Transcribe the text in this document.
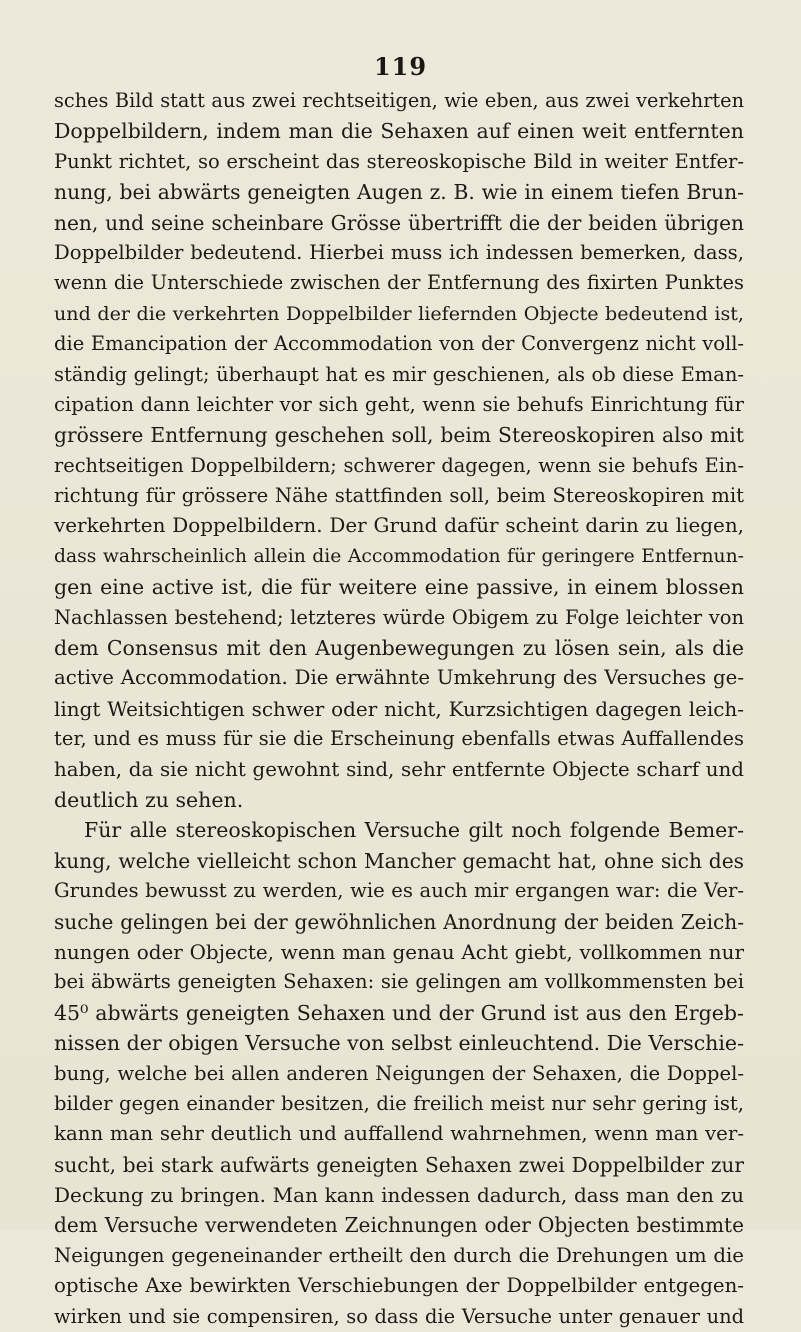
119
sches Bild statt aus zwei rechtseitigen, wie eben, aus zwei verkehrten
Doppelbildern, indem man die Sehaxen auf einen weit entfernten
Punkt richtet, so erscheint das stereoskopische Bild in weiter Entfer-
nung, bei abwärts geneigten Augen z. B. wie in einem tiefen Brun-
nen, und seine scheinbare Grösse übertrifft die der beiden übrigen
Doppelbilder bedeutend. Hierbei muss ich indessen bemerken, dass,
wenn die Unterschiede zwischen der Entfernung des fixirten Punktes
und der die verkehrten Doppelbilder liefernden Objecte bedeutend ist,
die Emancipation der Accommodation von der Convergenz nicht voll-
ständig gelingt; überhaupt hat es mir geschienen, als ob diese Eman-
cipation dann leichter vor sich geht, wenn sie behufs Einrichtung für
grössere Entfernung geschehen soll, beim Stereoskopiren also mit
rechtseitigen Doppelbildern; schwerer dagegen, wenn sie behufs Ein-
richtung für grössere Nähe stattfinden soll, beim Stereoskopiren mit
verkehrten Doppelbildern. Der Grund dafür scheint darin zu liegen,
dass wahrscheinlich allein die Accommodation für geringere Entfernun-
gen eine active ist, die für weitere eine passive, in einem blossen
Nachlassen bestehend; letzteres würde Obigem zu Folge leichter von
dem Consensus mit den Augenbewegungen zu lösen sein, als die
active Accommodation. Die erwähnte Umkehrung des Versuches ge-
lingt Weitsichtigen schwer oder nicht, Kurzsichtigen dagegen leich-
ter, und es muss für sie die Erscheinung ebenfalls etwas Auffallendes
haben, da sie nicht gewohnt sind, sehr entfernte Objecte scharf und
deutlich zu sehen.
Für alle stereoskopischen Versuche gilt noch folgende Bemer-
kung, welche vielleicht schon Mancher gemacht hat, ohne sich des
Grundes bewusst zu werden, wie es auch mir ergangen war: die Ver-
suche gelingen bei der gewöhnlichen Anordnung der beiden Zeich-
nungen oder Objecte, wenn man genau Acht giebt, vollkommen nur
bei äbwärts geneigten Sehaxen: sie gelingen am vollkommensten bei
45⁰ abwärts geneigten Sehaxen und der Grund ist aus den Ergeb-
nissen der obigen Versuche von selbst einleuchtend. Die Verschie-
bung, welche bei allen anderen Neigungen der Sehaxen, die Doppel-
bilder gegen einander besitzen, die freilich meist nur sehr gering ist,
kann man sehr deutlich und auffallend wahrnehmen, wenn man ver-
sucht, bei stark aufwärts geneigten Sehaxen zwei Doppelbilder zur
Deckung zu bringen. Man kann indessen dadurch, dass man den zu
dem Versuche verwendeten Zeichnungen oder Objecten bestimmte
Neigungen gegeneinander ertheilt den durch die Drehungen um die
optische Axe bewirkten Verschiebungen der Doppelbilder entgegen-
wirken und sie compensiren, so dass die Versuche unter genauer und
